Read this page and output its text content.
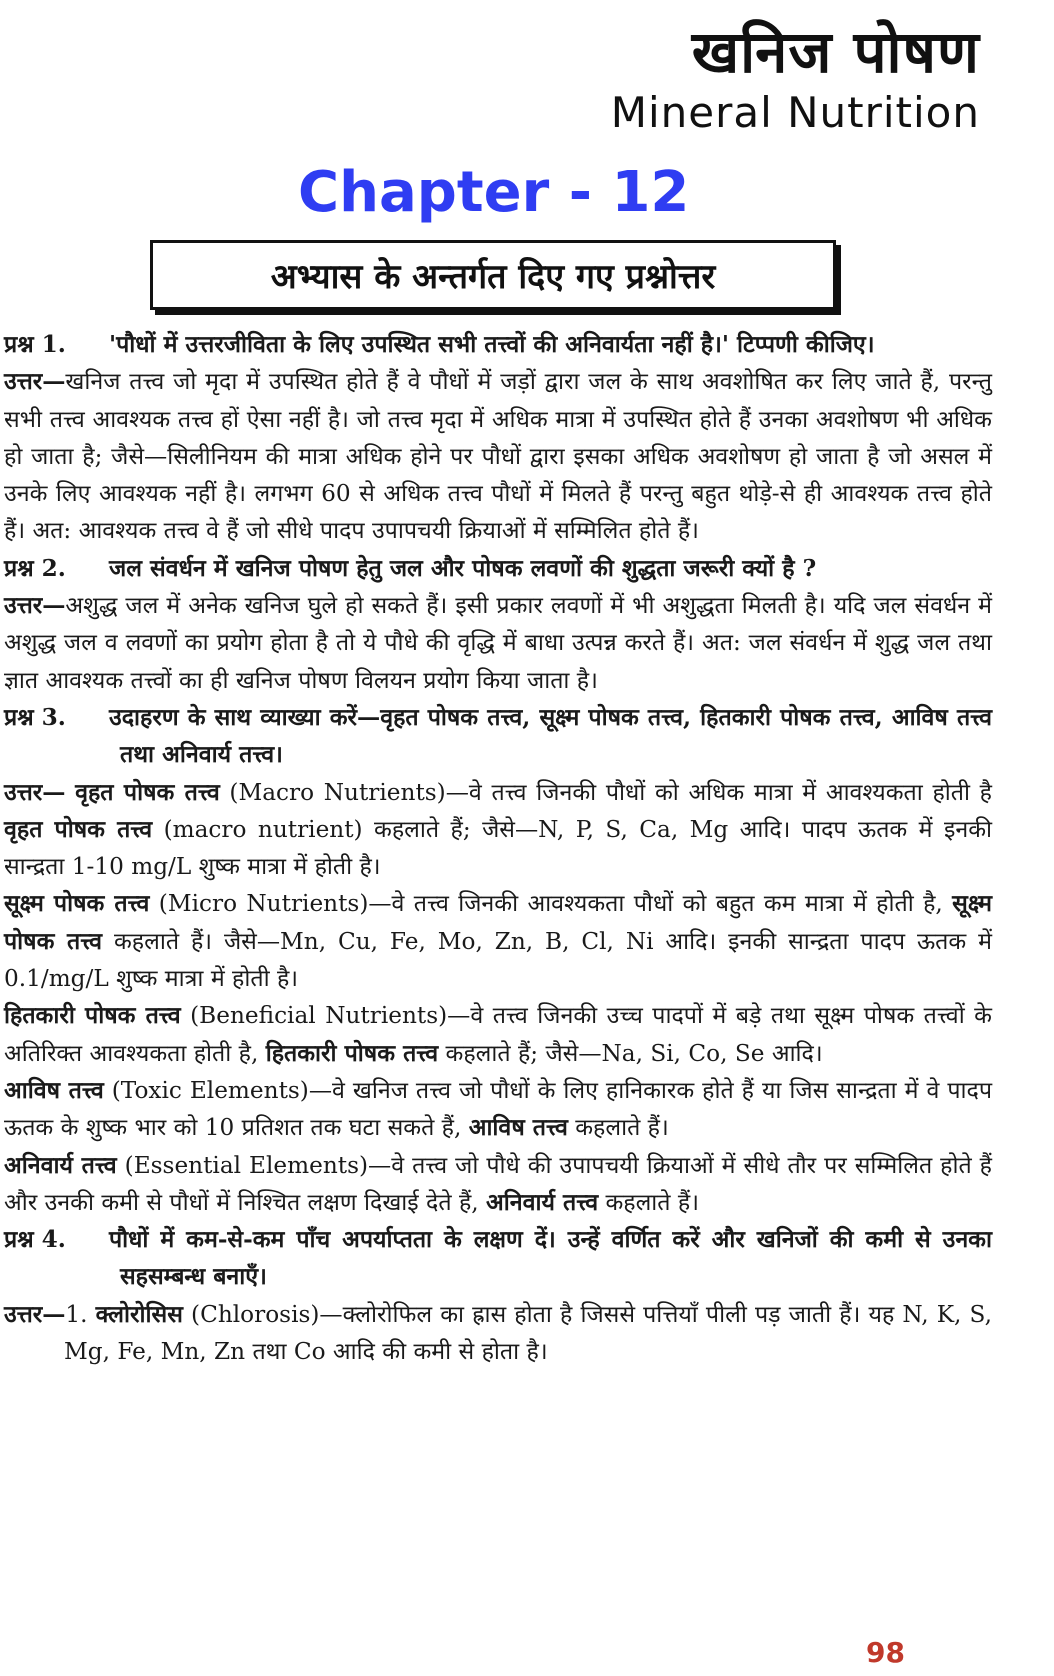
खनिज पोषण
Mineral Nutrition
Chapter - 12
अभ्यास के अन्तर्गत दिए गए प्रश्नोत्तर

प्रश्न 1. 'पौधों में उत्तरजीविता के लिए उपस्थित सभी तत्त्वों की अनिवार्यता नहीं है।' टिप्पणी कीजिए।

उत्तर—खनिज तत्त्व जो मृदा में उपस्थित होते हैं वे पौधों में जड़ों द्वारा जल के साथ अवशोषित कर लिए जाते हैं, परन्तु सभी तत्त्व आवश्यक तत्त्व हों ऐसा नहीं है। जो तत्त्व मृदा में अधिक मात्रा में उपस्थित होते हैं उनका अवशोषण भी अधिक हो जाता है; जैसे—सिलीनियम की मात्रा अधिक होने पर पौधों द्वारा इसका अधिक अवशोषण हो जाता है जो असल में उनके लिए आवश्यक नहीं है। लगभग 60 से अधिक तत्त्व पौधों में मिलते हैं परन्तु बहुत थोड़े-से ही आवश्यक तत्त्व होते हैं। अत: आवश्यक तत्त्व वे हैं जो सीधे पादप उपापचयी क्रियाओं में सम्मिलित होते हैं।

प्रश्न 2. जल संवर्धन में खनिज पोषण हेतु जल और पोषक लवणों की शुद्धता जरूरी क्यों है ?

उत्तर—अशुद्ध जल में अनेक खनिज घुले हो सकते हैं। इसी प्रकार लवणों में भी अशुद्धता मिलती है। यदि जल संवर्धन में अशुद्ध जल व लवणों का प्रयोग होता है तो ये पौधे की वृद्धि में बाधा उत्पन्न करते हैं। अत: जल संवर्धन में शुद्ध जल तथा ज्ञात आवश्यक तत्त्वों का ही खनिज पोषण विलयन प्रयोग किया जाता है।

प्रश्न 3. उदाहरण के साथ व्याख्या करें—वृहत पोषक तत्त्व, सूक्ष्म पोषक तत्त्व, हितकारी पोषक तत्त्व, आविष तत्त्व तथा अनिवार्य तत्त्व।

उत्तर— वृहत पोषक तत्त्व (Macro Nutrients)—वे तत्त्व जिनकी पौधों को अधिक मात्रा में आवश्यकता होती है वृहत पोषक तत्त्व (macro nutrient) कहलाते हैं; जैसे—N, P, S, Ca, Mg आदि। पादप ऊतक में इनकी सान्द्रता 1-10 mg/L शुष्क मात्रा में होती है।

सूक्ष्म पोषक तत्त्व (Micro Nutrients)—वे तत्त्व जिनकी आवश्यकता पौधों को बहुत कम मात्रा में होती है, सूक्ष्म पोषक तत्त्व कहलाते हैं। जैसे—Mn, Cu, Fe, Mo, Zn, B, Cl, Ni आदि। इनकी सान्द्रता पादप ऊतक में 0.1/mg/L शुष्क मात्रा में होती है।

हितकारी पोषक तत्त्व (Beneficial Nutrients)—वे तत्त्व जिनकी उच्च पादपों में बड़े तथा सूक्ष्म पोषक तत्त्वों के अतिरिक्त आवश्यकता होती है, हितकारी पोषक तत्त्व कहलाते हैं; जैसे—Na, Si, Co, Se आदि।

आविष तत्त्व (Toxic Elements)—वे खनिज तत्त्व जो पौधों के लिए हानिकारक होते हैं या जिस सान्द्रता में वे पादप ऊतक के शुष्क भार को 10 प्रतिशत तक घटा सकते हैं, आविष तत्त्व कहलाते हैं।

अनिवार्य तत्त्व (Essential Elements)—वे तत्त्व जो पौधे की उपापचयी क्रियाओं में सीधे तौर पर सम्मिलित होते हैं और उनकी कमी से पौधों में निश्चित लक्षण दिखाई देते हैं, अनिवार्य तत्त्व कहलाते हैं।

प्रश्न 4. पौधों में कम-से-कम पाँच अपर्याप्तता के लक्षण दें। उन्हें वर्णित करें और खनिजों की कमी से उनका सहसम्बन्ध बनाएँ।

उत्तर—1. क्लोरोसिस (Chlorosis)—क्लोरोफिल का ह्रास होता है जिससे पत्तियाँ पीली पड़ जाती हैं। यह N, K, S, Mg, Fe, Mn, Zn तथा Co आदि की कमी से होता है।

98
